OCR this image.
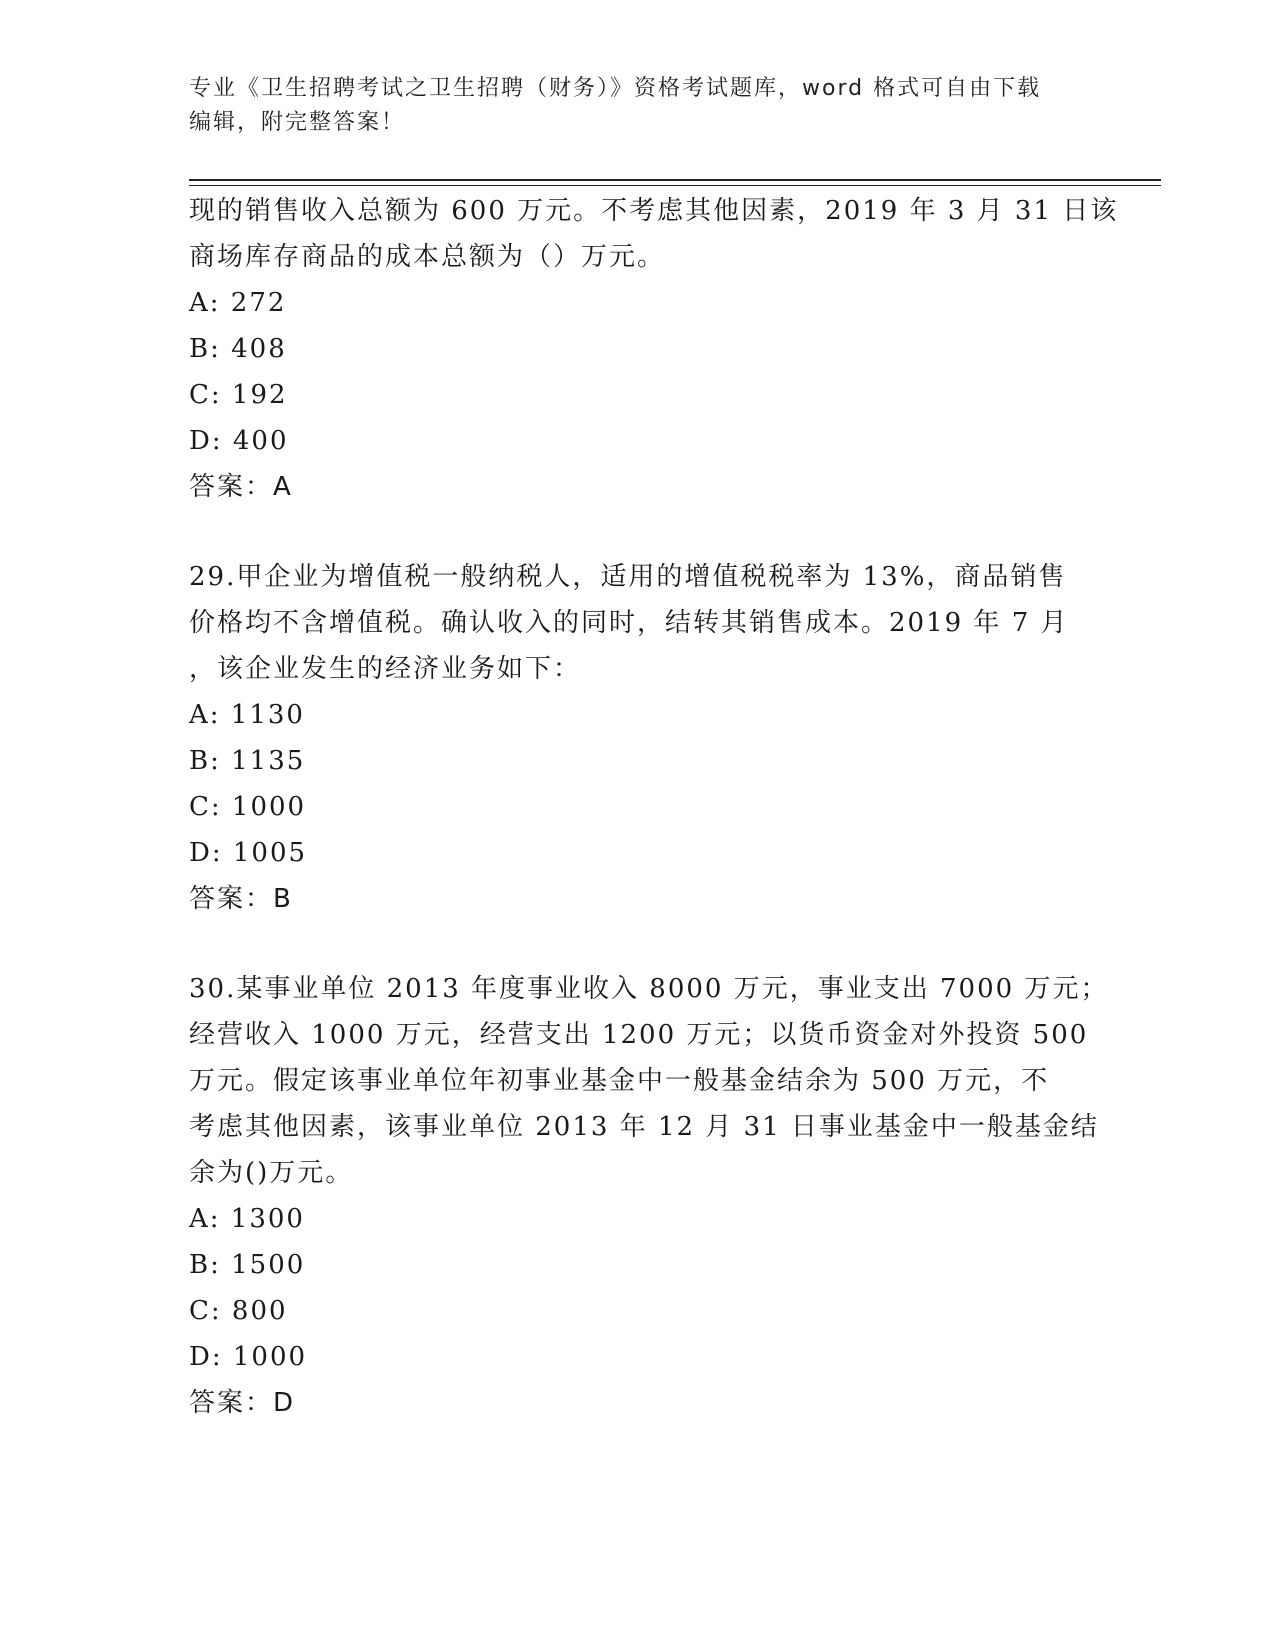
专业《卫生招聘考试之卫生招聘（财务）》资格考试题库，word 格式可自由下载
编辑，附完整答案！
现的销售收入总额为 600 万元。不考虑其他因素，2019 年 3 月 31 日该
商场库存商品的成本总额为（）万元。
A: 272
B: 408
C: 192
D: 400
答案：A
29.甲企业为增值税一般纳税人，适用的增值税税率为 13%，商品销售
价格均不含增值税。确认收入的同时，结转其销售成本。2019 年 7 月
，该企业发生的经济业务如下：
A: 1130
B: 1135
C: 1000
D: 1005
答案：B
30.某事业单位 2013 年度事业收入 8000 万元，事业支出 7000 万元；
经营收入 1000 万元，经营支出 1200 万元；以货币资金对外投资 500
万元。假定该事业单位年初事业基金中一般基金结余为 500 万元，不
考虑其他因素，该事业单位 2013 年 12 月 31 日事业基金中一般基金结
余为()万元。
A: 1300
B: 1500
C: 800
D: 1000
答案：D
